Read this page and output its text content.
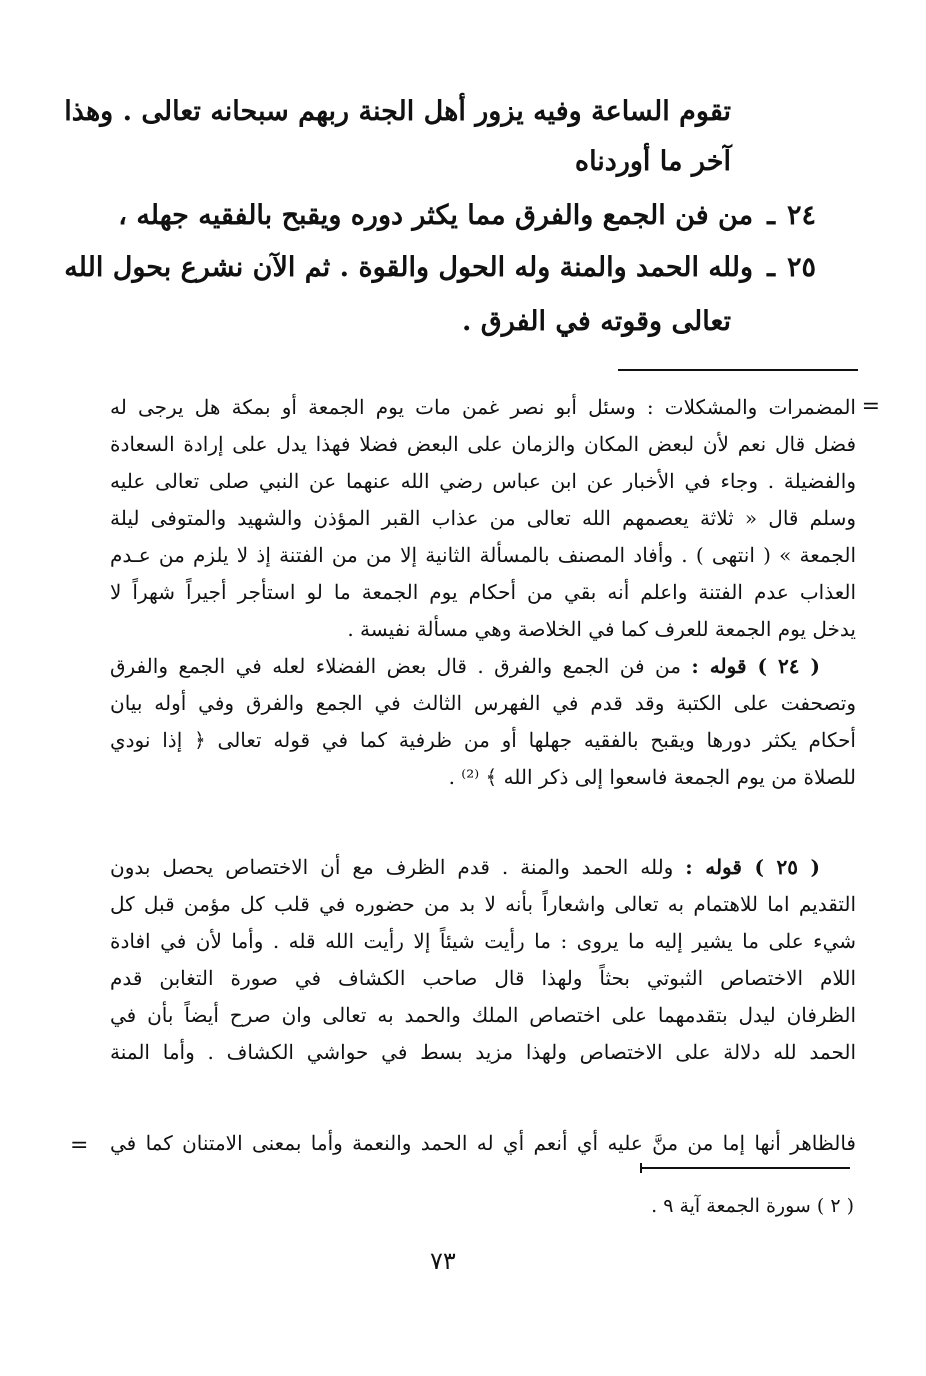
تقوم الساعة وفيه يزور أهل الجنة ربهم سبحانه تعالى . وهذا
آخر ما أوردناه
٢٤ـمن فن الجمع والفرق مما يكثر دوره ويقبح بالفقيه جهله ،
٢٥ـولله الحمد والمنة وله الحول والقوة . ثم الآن نشرع بحول الله
تعالى وقوته في الفرق .
=
المضمرات والمشكلات : وسئل أبو نصر غمن مات يوم الجمعة أو بمكة هل يرجى له
فضل قال نعم لأن لبعض المكان والزمان على البعض فضلا فهذا يدل على إرادة السعادة
والفضيلة . وجاء في الأخبار عن ابن عباس رضي الله عنهما عن النبي صلى تعالى عليه
وسلم قال « ثلاثة يعصمهم الله تعالى من عذاب القبر المؤذن والشهيد والمتوفى ليلة
الجمعة » ( انتهى ) . وأفاد المصنف بالمسألة الثانية إلا من من الفتنة إذ لا يلزم من عـدم
العذاب عدم الفتنة واعلم أنه بقي من أحكام يوم الجمعة ما لو استأجر أجيراً شهراً لا
يدخل يوم الجمعة للعرف كما في الخلاصة وهي مسألة نفيسة .
( ٢٤ ) قوله : من فن الجمع والفرق . قال بعض الفضلاء لعله في الجمع والفرق
وتصحفت على الكتبة وقد قدم في الفهرس الثالث في الجمع والفرق وفي أوله بيان
أحكام يكثر دورها ويقبح بالفقيه جهلها أو من ظرفية كما في قوله تعالى ﴿ إذا نودي
للصلاة من يوم الجمعة فاسعوا إلى ذكر الله ﴾ ⁽²⁾ .
( ٢٥ ) قوله : ولله الحمد والمنة . قدم الظرف مع أن الاختصاص يحصل بدون
التقديم اما للاهتمام به تعالى واشعاراً بأنه لا بد من حضوره في قلب كل مؤمن قبل كل
شيء على ما يشير إليه ما يروى : ما رأيت شيئاً إلا رأيت الله قله . وأما لأن في افادة
اللام الاختصاص الثبوتي بحثاً ولهذا قال صاحب الكشاف في صورة التغابن قدم
الظرفان ليدل بتقدمهما على اختصاص الملك والحمد به تعالى وان صرح أيضاً بأن في
الحمد لله دلالة على الاختصاص ولهذا مزيد بسط في حواشي الكشاف . وأما المنة
فالظاهر أنها إما من منَّ عليه أي أنعم أي له الحمد والنعمة وأما بمعنى الامتنان كما في
=
( ٢ ) سورة الجمعة آية ٩ .
٧٣
